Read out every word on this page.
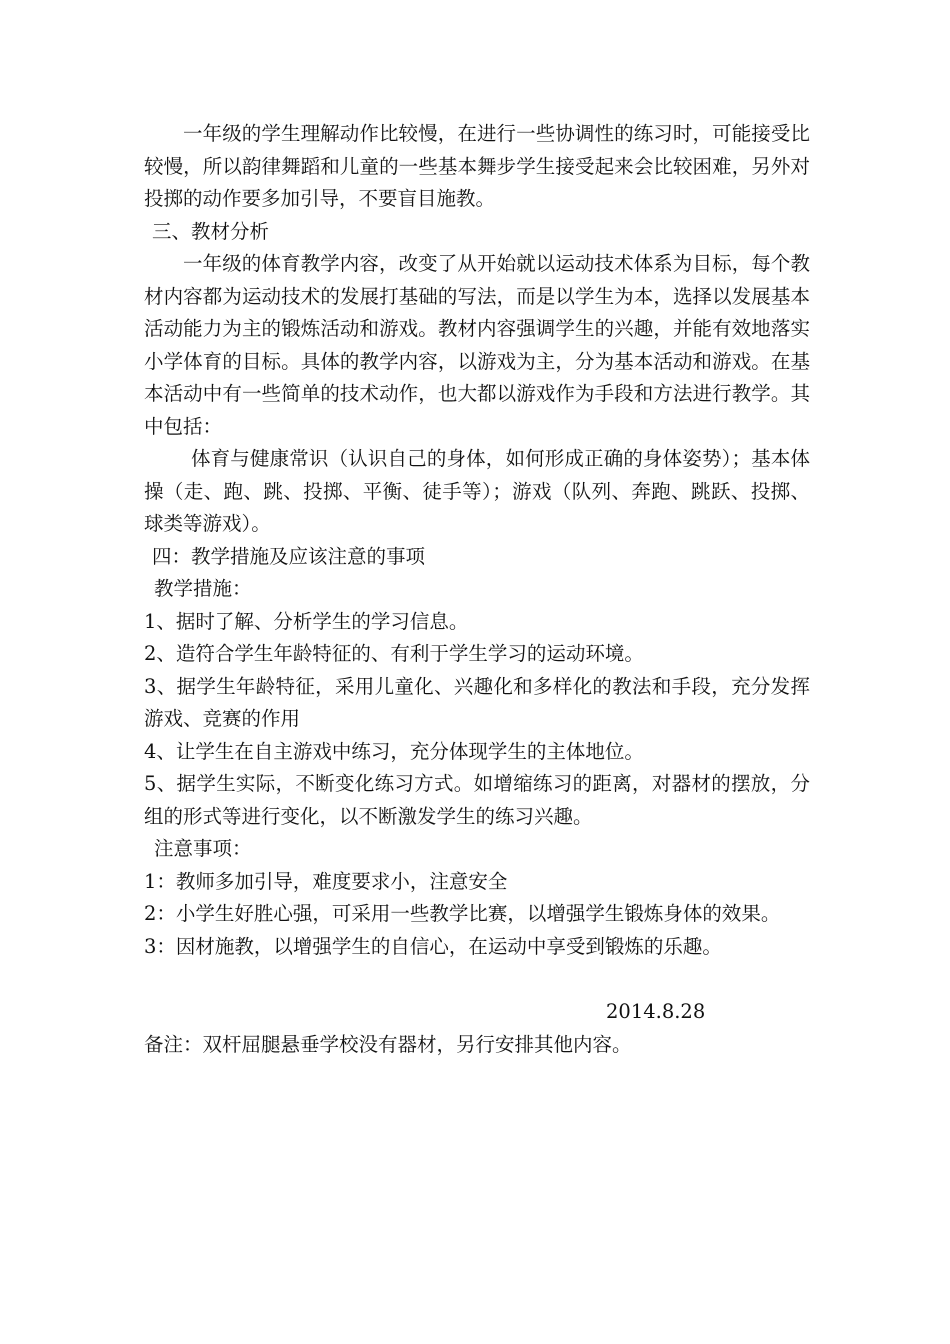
一年级的学生理解动作比较慢，在进行一些协调性的练习时，可能接受比较慢，所以韵律舞蹈和儿童的一些基本舞步学生接受起来会比较困难，另外对投掷的动作要多加引导，不要盲目施教。

三、教材分析

一年级的体育教学内容，改变了从开始就以运动技术体系为目标，每个教材内容都为运动技术的发展打基础的写法，而是以学生为本，选择以发展基本活动能力为主的锻炼活动和游戏。教材内容强调学生的兴趣，并能有效地落实小学体育的目标。具体的教学内容，以游戏为主，分为基本活动和游戏。在基本活动中有一些简单的技术动作，也大都以游戏作为手段和方法进行教学。其中包括：

体育与健康常识（认识自己的身体，如何形成正确的身体姿势）；基本体操（走、跑、跳、投掷、平衡、徒手等）；游戏（队列、奔跑、跳跃、投掷、球类等游戏）。

四：教学措施及应该注意的事项

教学措施：

1、据时了解、分析学生的学习信息。

2、造符合学生年龄特征的、有利于学生学习的运动环境。

3、据学生年龄特征，采用儿童化、兴趣化和多样化的教法和手段，充分发挥游戏、竞赛的作用

4、让学生在自主游戏中练习，充分体现学生的主体地位。

5、据学生实际，不断变化练习方式。如增缩练习的距离，对器材的摆放，分组的形式等进行变化，以不断激发学生的练习兴趣。

注意事项：

1：教师多加引导，难度要求小，注意安全

2：小学生好胜心强，可采用一些教学比赛，以增强学生锻炼身体的效果。

3：因材施教，以增强学生的自信心，在运动中享受到锻炼的乐趣。

2014.8.28

备注：双杆屈腿悬垂学校没有器材，另行安排其他内容。
